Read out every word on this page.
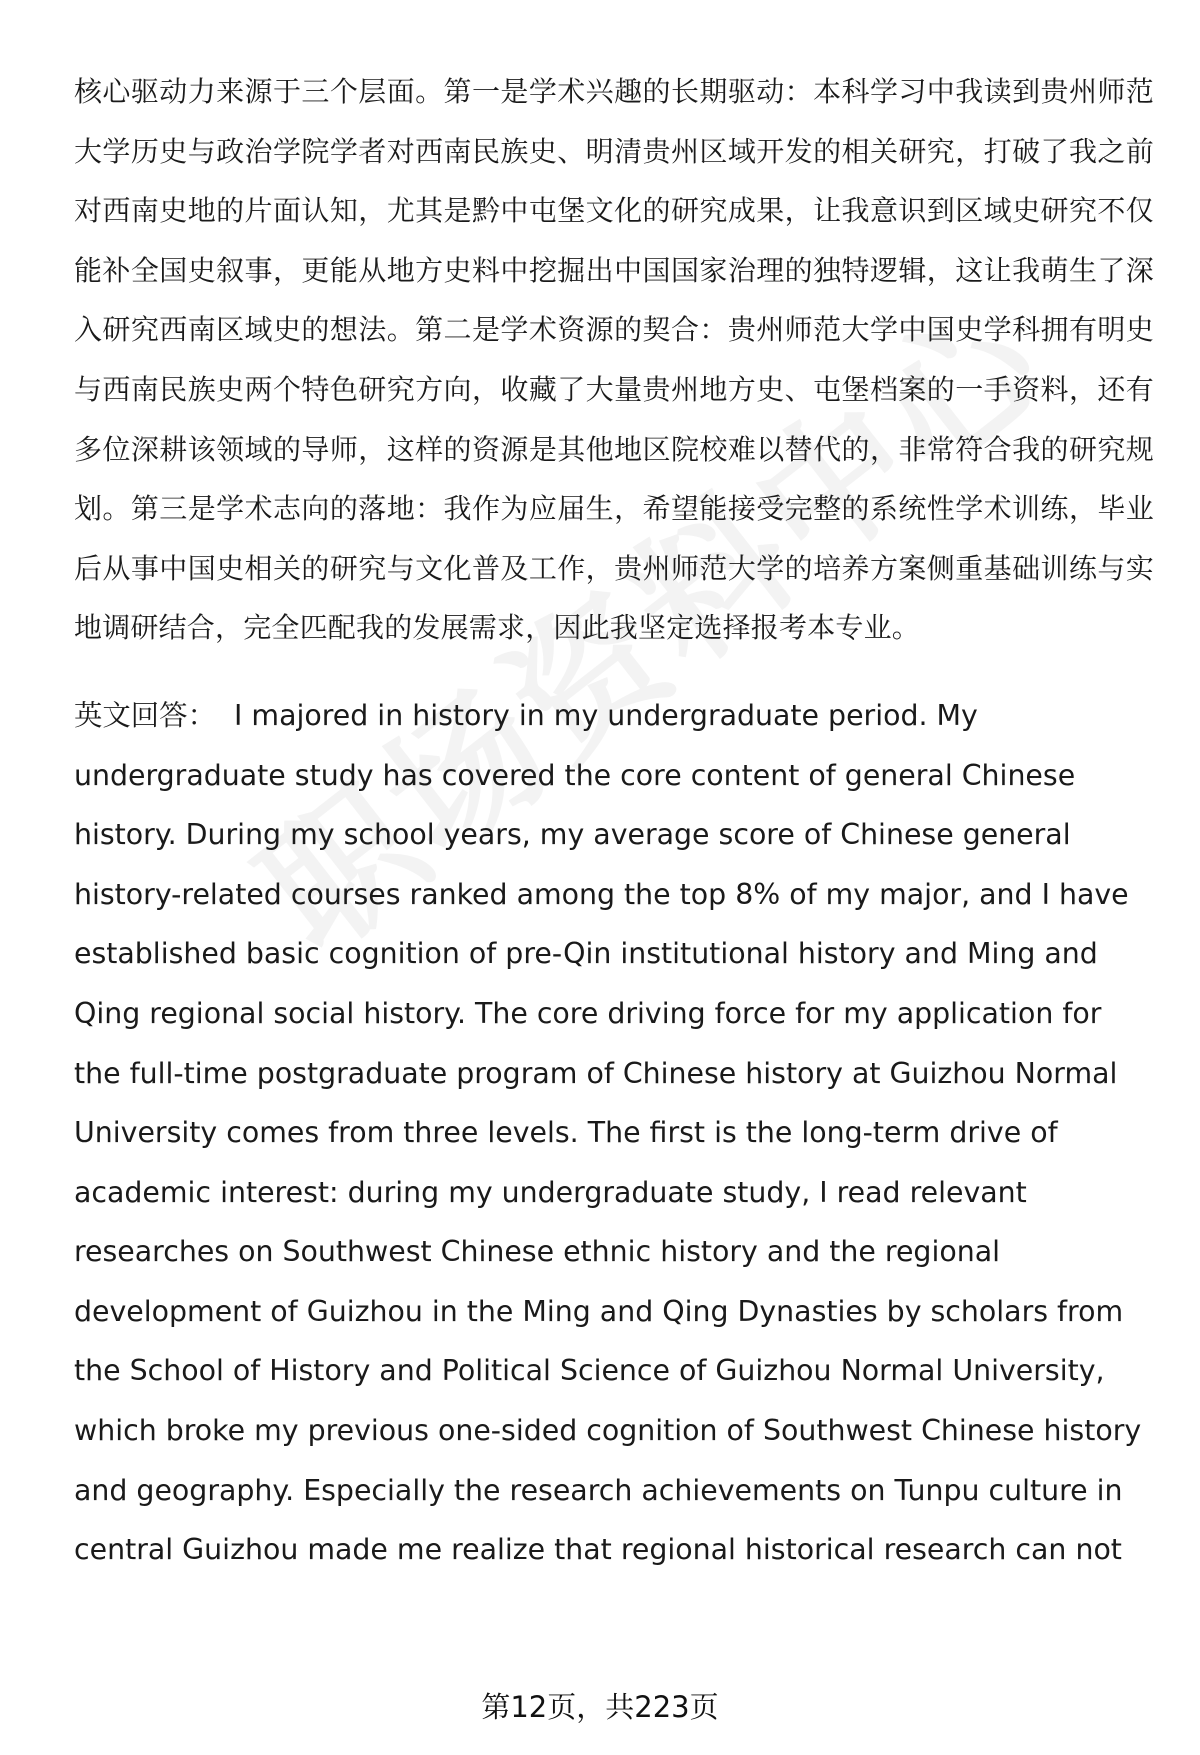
核心驱动力来源于三个层面。第一是学术兴趣的长期驱动：本科学习中我读到贵州师范大学历史与政治学院学者对西南民族史、明清贵州区域开发的相关研究，打破了我之前对西南史地的片面认知，尤其是黔中屯堡文化的研究成果，让我意识到区域史研究不仅能补全国史叙事，更能从地方史料中挖掘出中国国家治理的独特逻辑，这让我萌生了深入研究西南区域史的想法。第二是学术资源的契合：贵州师范大学中国史学科拥有明史与西南民族史两个特色研究方向，收藏了大量贵州地方史、屯堡档案的一手资料，还有多位深耕该领域的导师，这样的资源是其他地区院校难以替代的，非常符合我的研究规划。第三是学术志向的落地：我作为应届生，希望能接受完整的系统性学术训练，毕业后从事中国史相关的研究与文化普及工作，贵州师范大学的培养方案侧重基础训练与实地调研结合，完全匹配我的发展需求，因此我坚定选择报考本专业。

英文回答： I majored in history in my undergraduate period. My undergraduate study has covered the core content of general Chinese history. During my school years, my average score of Chinese general history-related courses ranked among the top 8% of my major, and I have established basic cognition of pre-Qin institutional history and Ming and Qing regional social history. The core driving force for my application for the full-time postgraduate program of Chinese history at Guizhou Normal University comes from three levels. The first is the long-term drive of academic interest: during my undergraduate study, I read relevant researches on Southwest Chinese ethnic history and the regional development of Guizhou in the Ming and Qing Dynasties by scholars from the School of History and Political Science of Guizhou Normal University, which broke my previous one-sided cognition of Southwest Chinese history and geography. Especially the research achievements on Tunpu culture in central Guizhou made me realize that regional historical research can not

第12页，共223页
